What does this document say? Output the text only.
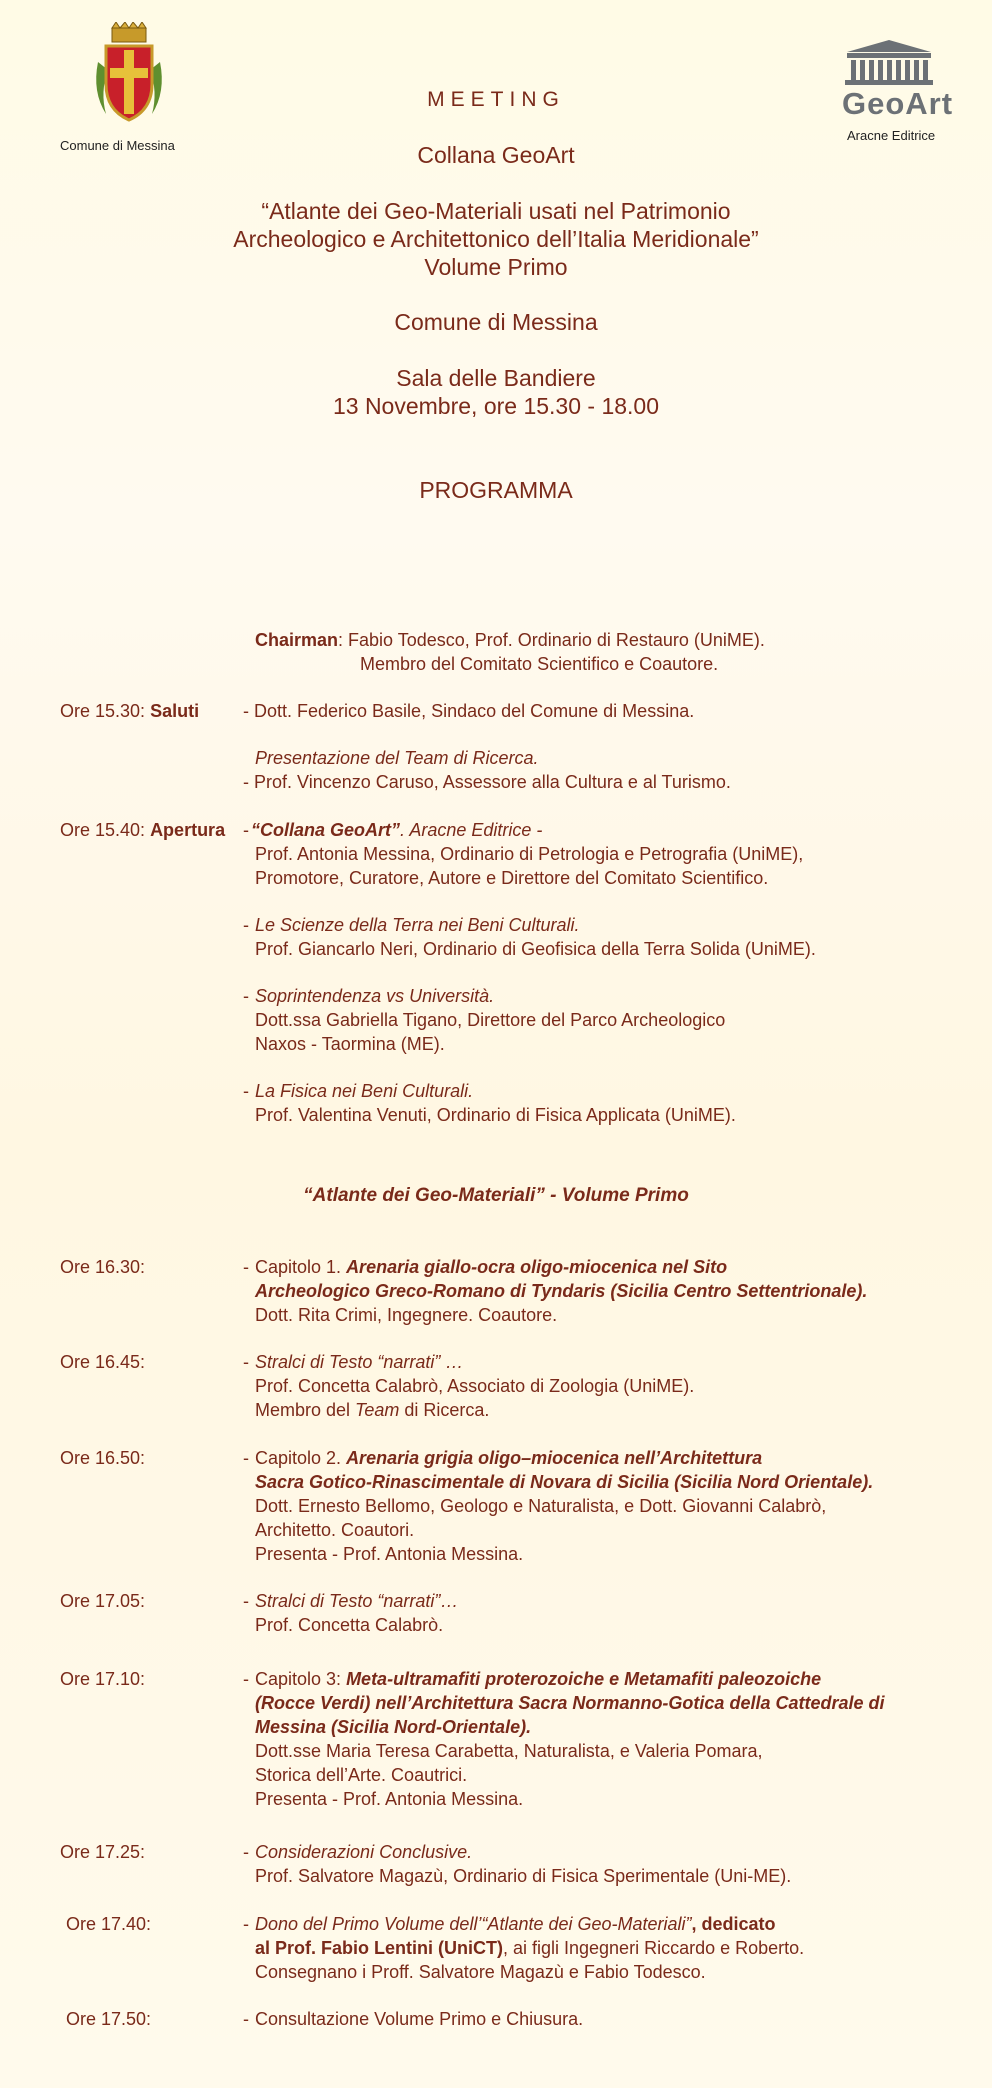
Comune di Messina
GeoArt
Aracne Editrice
MEETING
Collana GeoArt
“Atlante dei Geo-Materiali usati nel Patrimonio
Archeologico e Architettonico dell’Italia Meridionale”
Volume Primo
Comune di Messina
Sala delle Bandiere
13 Novembre, ore 15.30 - 18.00
PROGRAMMA
Chairman: Fabio Todesco, Prof. Ordinario di Restauro (UniME).
Membro del Comitato Scientifico e Coautore.
Ore 15.30: Saluti - Dott. Federico Basile, Sindaco del Comune di Messina.
Presentazione del Team di Ricerca.
- Prof. Vincenzo Caruso, Assessore alla Cultura e al Turismo.
Ore 15.40: Apertura - “Collana GeoArt”. Aracne Editrice -
Prof. Antonia Messina, Ordinario di Petrologia e Petrografia (UniME),
Promotore, Curatore, Autore e Direttore del Comitato Scientifico.
- Le Scienze della Terra nei Beni Culturali.
Prof. Giancarlo Neri, Ordinario di Geofisica della Terra Solida (UniME).
- Soprintendenza vs Università.
Dott.ssa Gabriella Tigano, Direttore del Parco Archeologico
Naxos - Taormina (ME).
- La Fisica nei Beni Culturali.
Prof. Valentina Venuti, Ordinario di Fisica Applicata (UniME).
“Atlante dei Geo-Materiali” - Volume Primo
Ore 16.30:	- Capitolo 1. Arenaria giallo-ocra oligo-miocenica nel Sito
Archeologico Greco-Romano di Tyndaris (Sicilia Centro Settentrionale).
Dott. Rita Crimi, Ingegnere. Coautore.
Ore 16.45:	- Stralci di Testo “narrati” …
Prof. Concetta Calabrò, Associato di Zoologia (UniME).
Membro del Team di Ricerca.
Ore 16.50:	- Capitolo 2. Arenaria grigia oligo–miocenica nell’Architettura
Sacra Gotico-Rinascimentale di Novara di Sicilia (Sicilia Nord Orientale).
Dott. Ernesto Bellomo, Geologo e Naturalista, e Dott. Giovanni Calabrò,
Architetto. Coautori.
Presenta - Prof. Antonia Messina.
Ore 17.05:	- Stralci di Testo “narrati”…
Prof. Concetta Calabrò.
Ore 17.10:	- Capitolo 3: Meta-ultramafiti proterozoiche e Metamafiti paleozoiche
(Rocce Verdi) nell’Architettura Sacra Normanno-Gotica della Cattedrale di
Messina (Sicilia Nord-Orientale).
Dott.sse Maria Teresa Carabetta, Naturalista, e Valeria Pomara,
Storica dell’Arte. Coautrici.
Presenta - Prof. Antonia Messina.
Ore 17.25:	- Considerazioni Conclusive.
Prof. Salvatore Magazù, Ordinario di Fisica Sperimentale (Uni-ME).
Ore 17.40:	- Dono del Primo Volume dell’“Atlante dei Geo-Materiali”, dedicato
al Prof. Fabio Lentini (UniCT), ai figli Ingegneri Riccardo e Roberto.
Consegnano i Proff. Salvatore Magazù e Fabio Todesco.
Ore 17.50:	- Consultazione Volume Primo e Chiusura.
